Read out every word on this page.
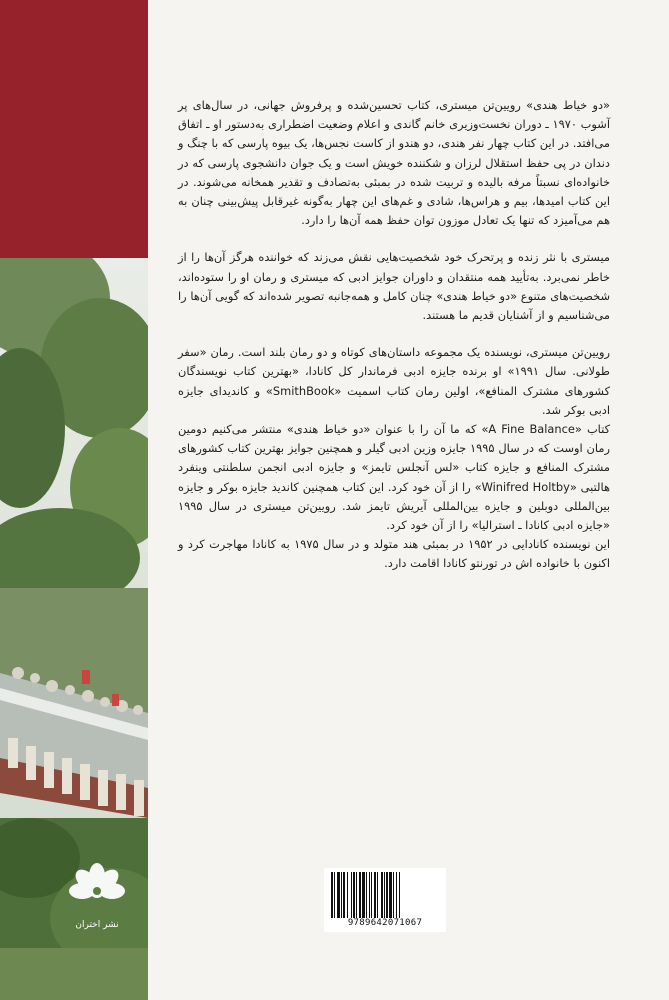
«دو خیاط هندی» رویین‌تن میستری، کتاب تحسین‌شده و پرفروش جهانی، در سال‌های پر آشوب ۱۹۷۰ ـ دوران نخست‌وزیری خانم گاندی و اعلام وضعیت اضطراری به‌دستور او ـ اتفاق می‌افتد. در این کتاب چهار نفر هندی، دو هندو از کاست نجس‌ها، یک بیوه پارسی که با چنگ و دندان در پی حفظ استقلال لرزان و شکننده خویش است و یک جوان دانشجوی پارسی که در خانواده‌ای نسبتاً مرفه بالیده و تربیت شده در بمبئی به‌تصادف و تقدیر همخانه می‌شوند. در این کتاب امیدها، بیم و هراس‌ها، شادی و غم‌های این چهار به‌گونه غیرقابل پیش‌بینی چنان به هم می‌آمیزد که تنها یک تعادل موزون توان حفظ همه آن‌ها را دارد.

میستری با نثر زنده و پرتحرک خود شخصیت‌هایی نقش می‌زند که خواننده هرگز آن‌ها را از خاطر نمی‌برد. به‌تأیید همه منتقدان و داوران جوایز ادبی که میستری و رمان او را ستوده‌اند، شخصیت‌های متنوع «دو خیاط هندی» چنان کامل و همه‌جانبه تصویر شده‌اند که گویی آن‌ها را می‌شناسیم و از آشنایان قدیم ما هستند.

رویین‌تن میستری، نویسنده یک مجموعه داستان‌های کوتاه و دو رمان بلند است. رمان «سفر طولانی. سال ۱۹۹۱» او برنده جایزه ادبی فرماندار کل کانادا، «بهترین کتاب نویسندگان کشورهای مشترک المنافع»، اولین رمان کتاب اسمیت «SmithBook» و کاندیدای جایزه ادبی بوکر شد.

کتاب «A Fine Balance» که ما آن را با عنوان «دو خیاط هندی» منتشر می‌کنیم دومین رمان اوست که در سال ۱۹۹۵ جایزه وزین ادبی گیلر و همچنین جوایز بهترین کتاب کشورهای مشترک المنافع و جایزه کتاب «لس آنجلس تایمز» و جایزه ادبی انجمن سلطنتی وینفرد هالتبی «Winifred Holtby» را از آن خود کرد. این کتاب همچنین کاندید جایزه بوکر و جایزه بین‌المللی دوبلین و جایزه بین‌المللی آیریش تایمز شد. رویین‌تن میستری در سال ۱۹۹۵ «جایزه ادبی کانادا ـ استرالیا» را از آن خود کرد.

این نویسنده کانادایی در ۱۹۵۲ در بمبئی هند متولد و در سال ۱۹۷۵ به کانادا مهاجرت کرد و اکنون با خانواده اش در تورنتو کانادا اقامت دارد.

9789642071067
نشر اختران
